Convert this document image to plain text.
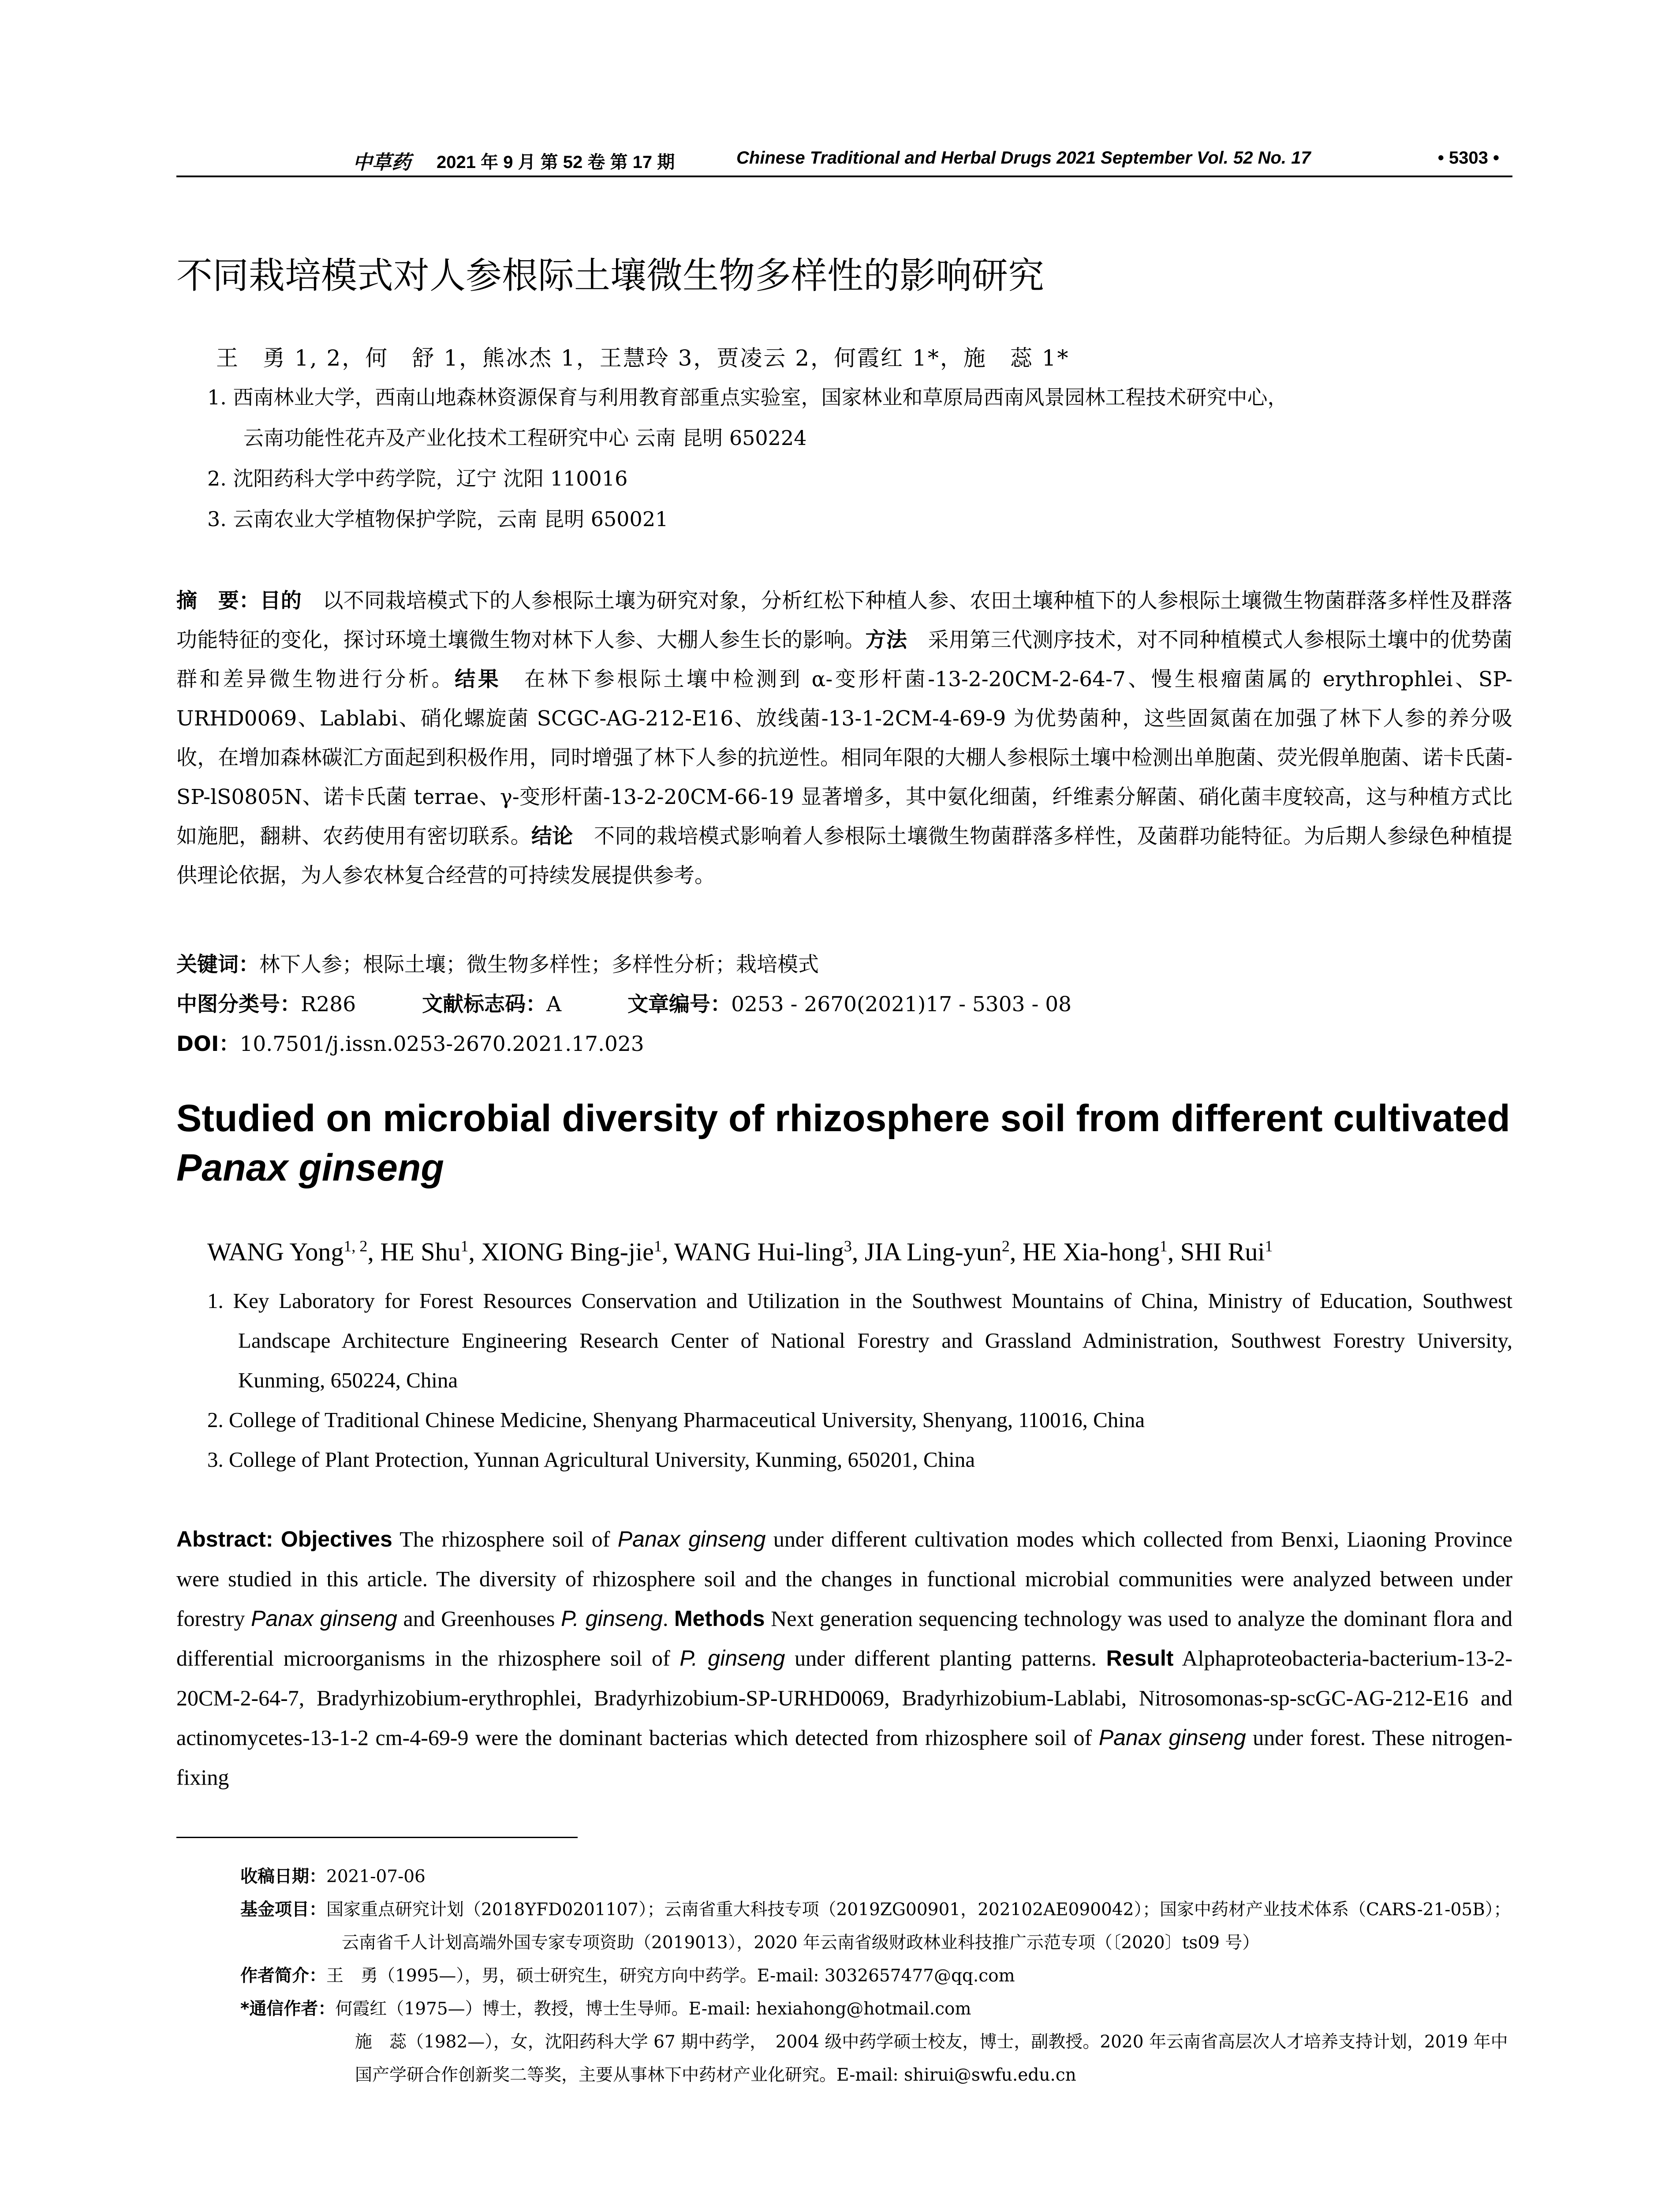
中草药 2021 年 9 月 第 52 卷 第 17 期	Chinese Traditional and Herbal Drugs 2021 September Vol. 52 No. 17	• 5303 •
不同栽培模式对人参根际土壤微生物多样性的影响研究
王　勇 1, 2，何　舒 1，熊冰杰 1，王慧玲 3，贾凌云 2，何霞红 1*，施　蕊 1*
1. 西南林业大学，西南山地森林资源保育与利用教育部重点实验室，国家林业和草原局西南风景园林工程技术研究中心，
云南功能性花卉及产业化技术工程研究中心 云南 昆明 650224
2. 沈阳药科大学中药学院，辽宁 沈阳 110016
3. 云南农业大学植物保护学院，云南 昆明 650021
摘　要：目的　以不同栽培模式下的人参根际土壤为研究对象，分析红松下种植人参、农田土壤种植下的人参根际土壤微生物菌群落多样性及群落功能特征的变化，探讨环境土壤微生物对林下人参、大棚人参生长的影响。方法　采用第三代测序技术，对不同种植模式人参根际土壤中的优势菌群和差异微生物进行分析。结果　在林下参根际土壤中检测到 α-变形杆菌-13-2-20CM-2-64-7、慢生根瘤菌属的 erythrophlei、SP-URHD0069、Lablabi、硝化螺旋菌 SCGC-AG-212-E16、放线菌-13-1-2CM-4-69-9 为优势菌种，这些固氮菌在加强了林下人参的养分吸收，在增加森林碳汇方面起到积极作用，同时增强了林下人参的抗逆性。相同年限的大棚人参根际土壤中检测出单胞菌、荧光假单胞菌、诺卡氏菌-SP-lS0805N、诺卡氏菌 terrae、γ-变形杆菌-13-2-20CM-66-19 显著增多，其中氨化细菌，纤维素分解菌、硝化菌丰度较高，这与种植方式比如施肥，翻耕、农药使用有密切联系。结论　不同的栽培模式影响着人参根际土壤微生物菌群落多样性，及菌群功能特征。为后期人参绿色种植提供理论依据，为人参农林复合经营的可持续发展提供参考。
关键词：林下人参；根际土壤；微生物多样性；多样性分析；栽培模式
中图分类号：R286	文献标志码：A	文章编号：0253 - 2670(2021)17 - 5303 - 08
DOI：10.7501/j.issn.0253-2670.2021.17.023
Studied on microbial diversity of rhizosphere soil from different cultivated
Panax ginseng
WANG Yong$^{1, 2}$, HE Shu$^1$, XIONG Bing-jie$^1$, WANG Hui-ling$^3$, JIA Ling-yun$^2$, HE Xia-hong$^1$, SHI Rui$^1$
1. Key Laboratory for Forest Resources Conservation and Utilization in the Southwest Mountains of China, Ministry of Education, Southwest Landscape Architecture Engineering Research Center of National Forestry and Grassland Administration, Southwest Forestry University, Kunming, 650224, China
2. College of Traditional Chinese Medicine, Shenyang Pharmaceutical University, Shenyang, 110016, China
3. College of Plant Protection, Yunnan Agricultural University, Kunming, 650201, China
Abstract: Objectives The rhizosphere soil of Panax ginseng under different cultivation modes which collected from Benxi, Liaoning Province were studied in this article. The diversity of rhizosphere soil and the changes in functional microbial communities were analyzed between under forestry Panax ginseng and Greenhouses P. ginseng. Methods Next generation sequencing technology was used to analyze the dominant flora and differential microorganisms in the rhizosphere soil of P. ginseng under different planting patterns. Result Alphaproteobacteria-bacterium-13-2-20CM-2-64-7, Bradyrhizobium-erythrophlei, Bradyrhizobium-SP-URHD0069, Bradyrhizobium-Lablabi, Nitrosomonas-sp-scGC-AG-212-E16 and actinomycetes-13-1-2 cm-4-69-9 were the dominant bacterias which detected from rhizosphere soil of Panax ginseng under forest. These nitrogen-fixing
收稿日期：2021-07-06
基金项目：国家重点研究计划（2018YFD0201107）；云南省重大科技专项（2019ZG00901，202102AE090042）；国家中药材产业技术体系（CARS-21-05B）；
云南省千人计划高端外国专家专项资助（2019013），2020 年云南省级财政林业科技推广示范专项（〔2020〕ts09 号）
作者简介：王　勇（1995—），男，硕士研究生，研究方向中药学。E-mail: 3032657477@qq.com
*通信作者：何霞红（1975—）博士，教授，博士生导师。E-mail: hexiahong@hotmail.com
施　蕊（1982—），女，沈阳药科大学 67 期中药学，　2004 级中药学硕士校友，博士，副教授。2020 年云南省高层次人才培养支持计划，2019 年中国产学研合作创新奖二等奖，主要从事林下中药材产业化研究。E-mail: shirui@swfu.edu.cn
